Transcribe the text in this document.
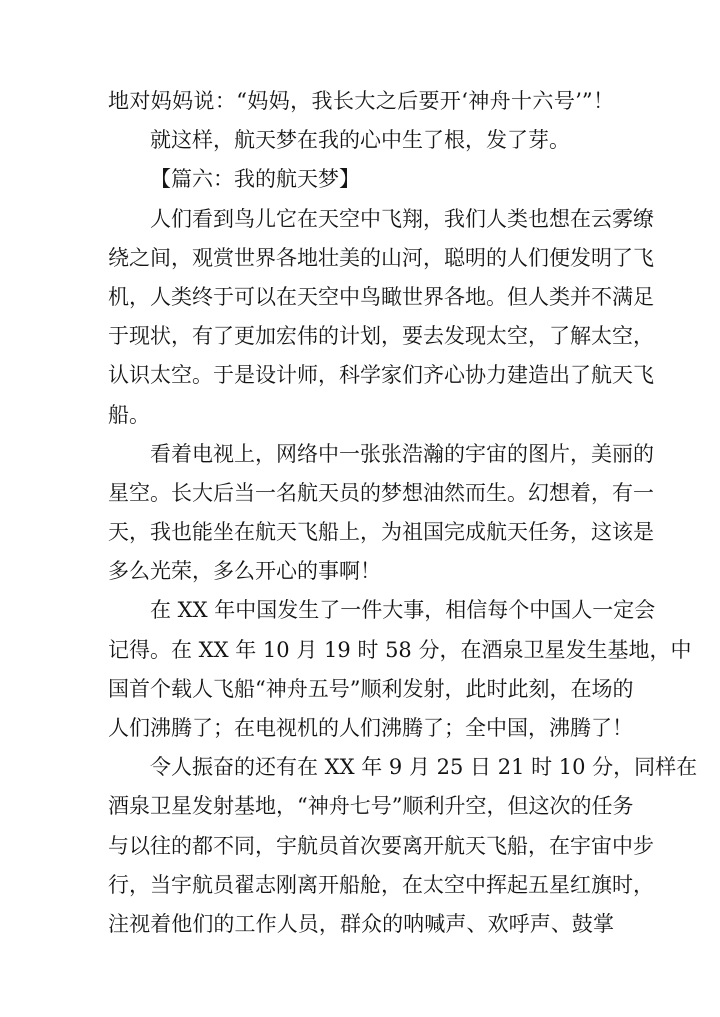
地对妈妈说：“妈妈，我长大之后要开‘神舟十六号’”！
就这样，航天梦在我的心中生了根，发了芽。
【篇六：我的航天梦】
人们看到鸟儿它在天空中飞翔，我们人类也想在云雾缭
绕之间，观赏世界各地壮美的山河，聪明的人们便发明了飞
机，人类终于可以在天空中鸟瞰世界各地。但人类并不满足
于现状，有了更加宏伟的计划，要去发现太空，了解太空，
认识太空。于是设计师，科学家们齐心协力建造出了航天飞
船。
看着电视上，网络中一张张浩瀚的宇宙的图片，美丽的
星空。长大后当一名航天员的梦想油然而生。幻想着，有一
天，我也能坐在航天飞船上，为祖国完成航天任务，这该是
多么光荣，多么开心的事啊！
在 XX 年中国发生了一件大事，相信每个中国人一定会
记得。在 XX 年 10 月 19 时 58 分，在酒泉卫星发生基地，中
国首个载人飞船“神舟五号”顺利发射，此时此刻，在场的
人们沸腾了；在电视机的人们沸腾了；全中国，沸腾了！
令人振奋的还有在 XX 年 9 月 25 日 21 时 10 分，同样在
酒泉卫星发射基地，“神舟七号”顺利升空，但这次的任务
与以往的都不同，宇航员首次要离开航天飞船，在宇宙中步
行，当宇航员翟志刚离开船舱，在太空中挥起五星红旗时，
注视着他们的工作人员，群众的呐喊声、欢呼声、鼓掌
